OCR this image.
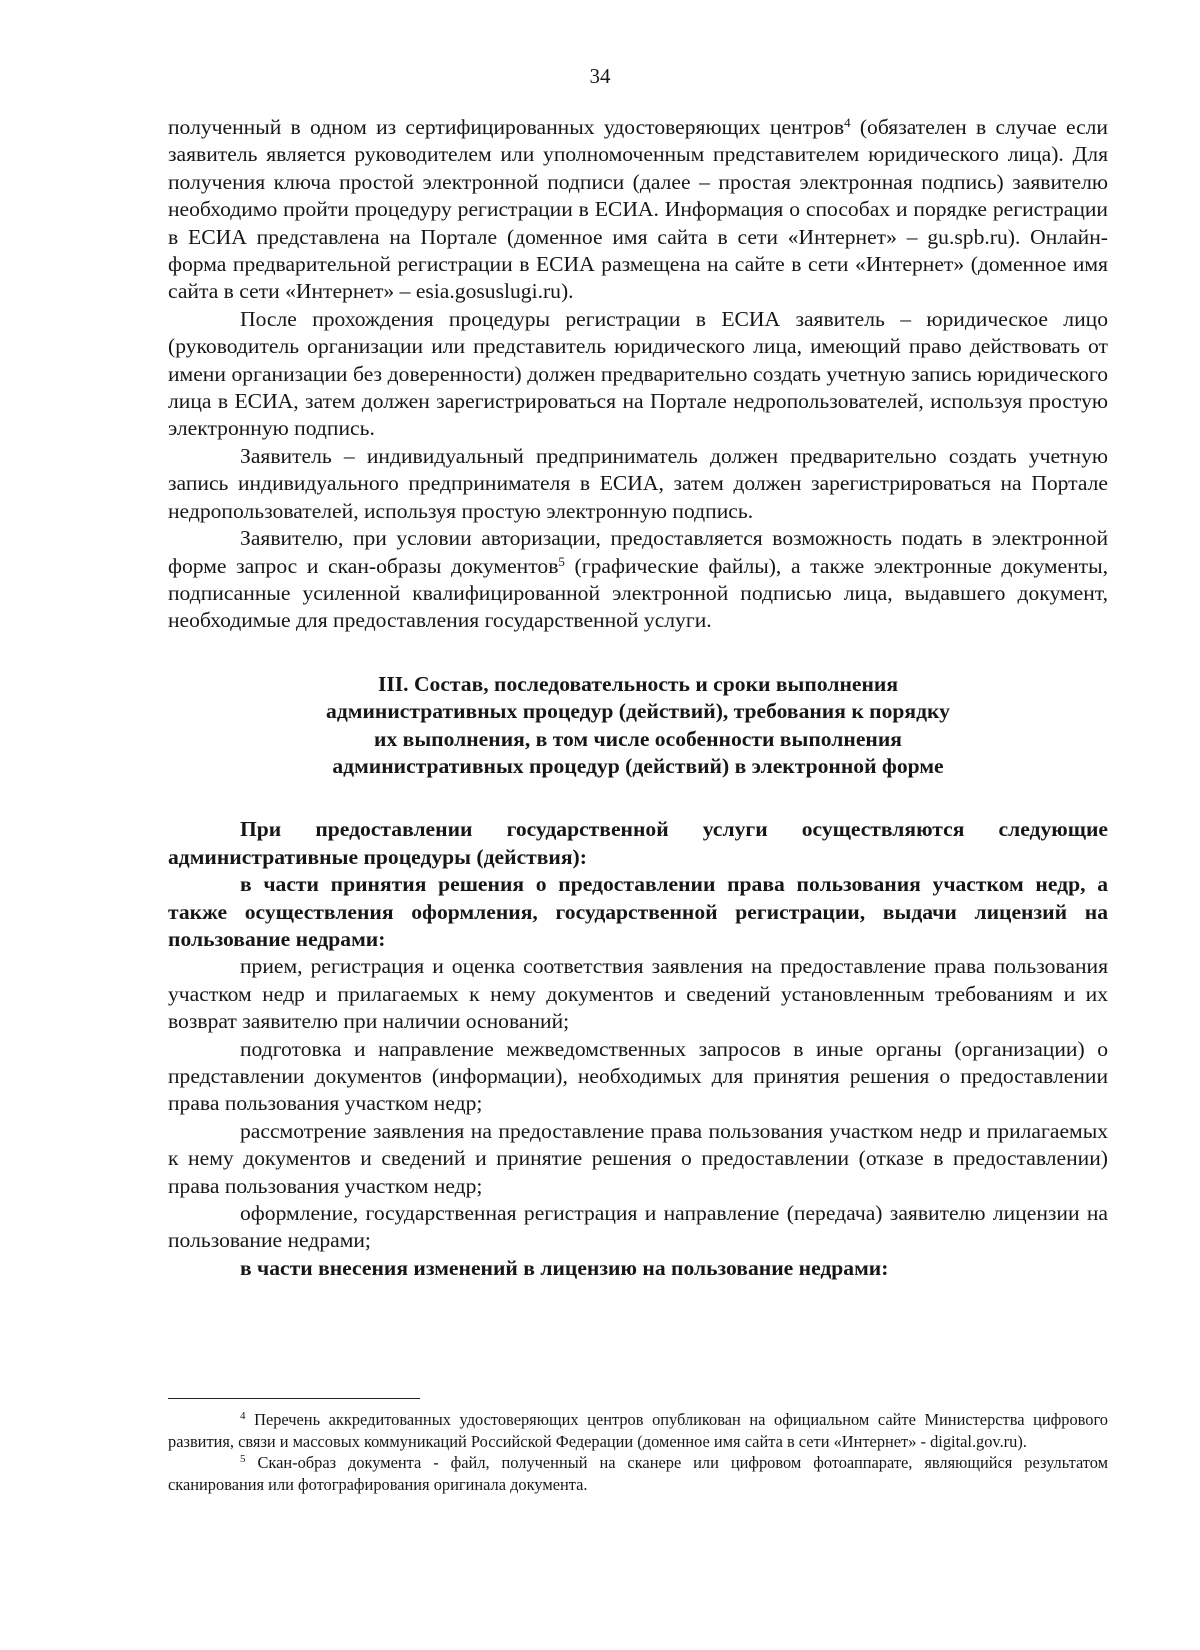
34

полученный в одном из сертифицированных удостоверяющих центров$^4$ (обязателен в случае если заявитель является руководителем или уполномоченным представителем юридического лица). Для получения ключа простой электронной подписи (далее – простая электронная подпись) заявителю необходимо пройти процедуру регистрации в ЕСИА. Информация о способах и порядке регистрации в ЕСИА представлена на Портале (доменное имя сайта в сети «Интернет» – gu.spb.ru). Онлайн-форма предварительной регистрации в ЕСИА размещена на сайте в сети «Интернет» (доменное имя сайта в сети «Интернет» – esia.gosuslugi.ru).

После прохождения процедуры регистрации в ЕСИА заявитель – юридическое лицо (руководитель организации или представитель юридического лица, имеющий право действовать от имени организации без доверенности) должен предварительно создать учетную запись юридического лица в ЕСИА, затем должен зарегистрироваться на Портале недропользователей, используя простую электронную подпись.

Заявитель – индивидуальный предприниматель должен предварительно создать учетную запись индивидуального предпринимателя в ЕСИА, затем должен зарегистрироваться на Портале недропользователей, используя простую электронную подпись.

Заявителю, при условии авторизации, предоставляется возможность подать в электронной форме запрос и скан-образы документов$^5$ (графические файлы), а также электронные документы, подписанные усиленной квалифицированной электронной подписью лица, выдавшего документ, необходимые для предоставления государственной услуги.

III. Состав, последовательность и сроки выполнения
административных процедур (действий), требования к порядку
их выполнения, в том числе особенности выполнения
административных процедур (действий) в электронной форме

При предоставлении государственной услуги осуществляются следующие административные процедуры (действия):

в части принятия решения о предоставлении права пользования участком недр, а также осуществления оформления, государственной регистрации, выдачи лицензий на пользование недрами:

прием, регистрация и оценка соответствия заявления на предоставление права пользования участком недр и прилагаемых к нему документов и сведений установленным требованиям и их возврат заявителю при наличии оснований;

подготовка и направление межведомственных запросов в иные органы (организации) о представлении документов (информации), необходимых для принятия решения о предоставлении права пользования участком недр;

рассмотрение заявления на предоставление права пользования участком недр и прилагаемых к нему документов и сведений и принятие решения о предоставлении (отказе в предоставлении) права пользования участком недр;

оформление, государственная регистрация и направление (передача) заявителю лицензии на пользование недрами;

в части внесения изменений в лицензию на пользование недрами:

$^4$ Перечень аккредитованных удостоверяющих центров опубликован на официальном сайте Министерства цифрового развития, связи и массовых коммуникаций Российской Федерации (доменное имя сайта в сети «Интернет» - digital.gov.ru).

$^5$ Скан-образ документа - файл, полученный на сканере или цифровом фотоаппарате, являющийся результатом сканирования или фотографирования оригинала документа.
